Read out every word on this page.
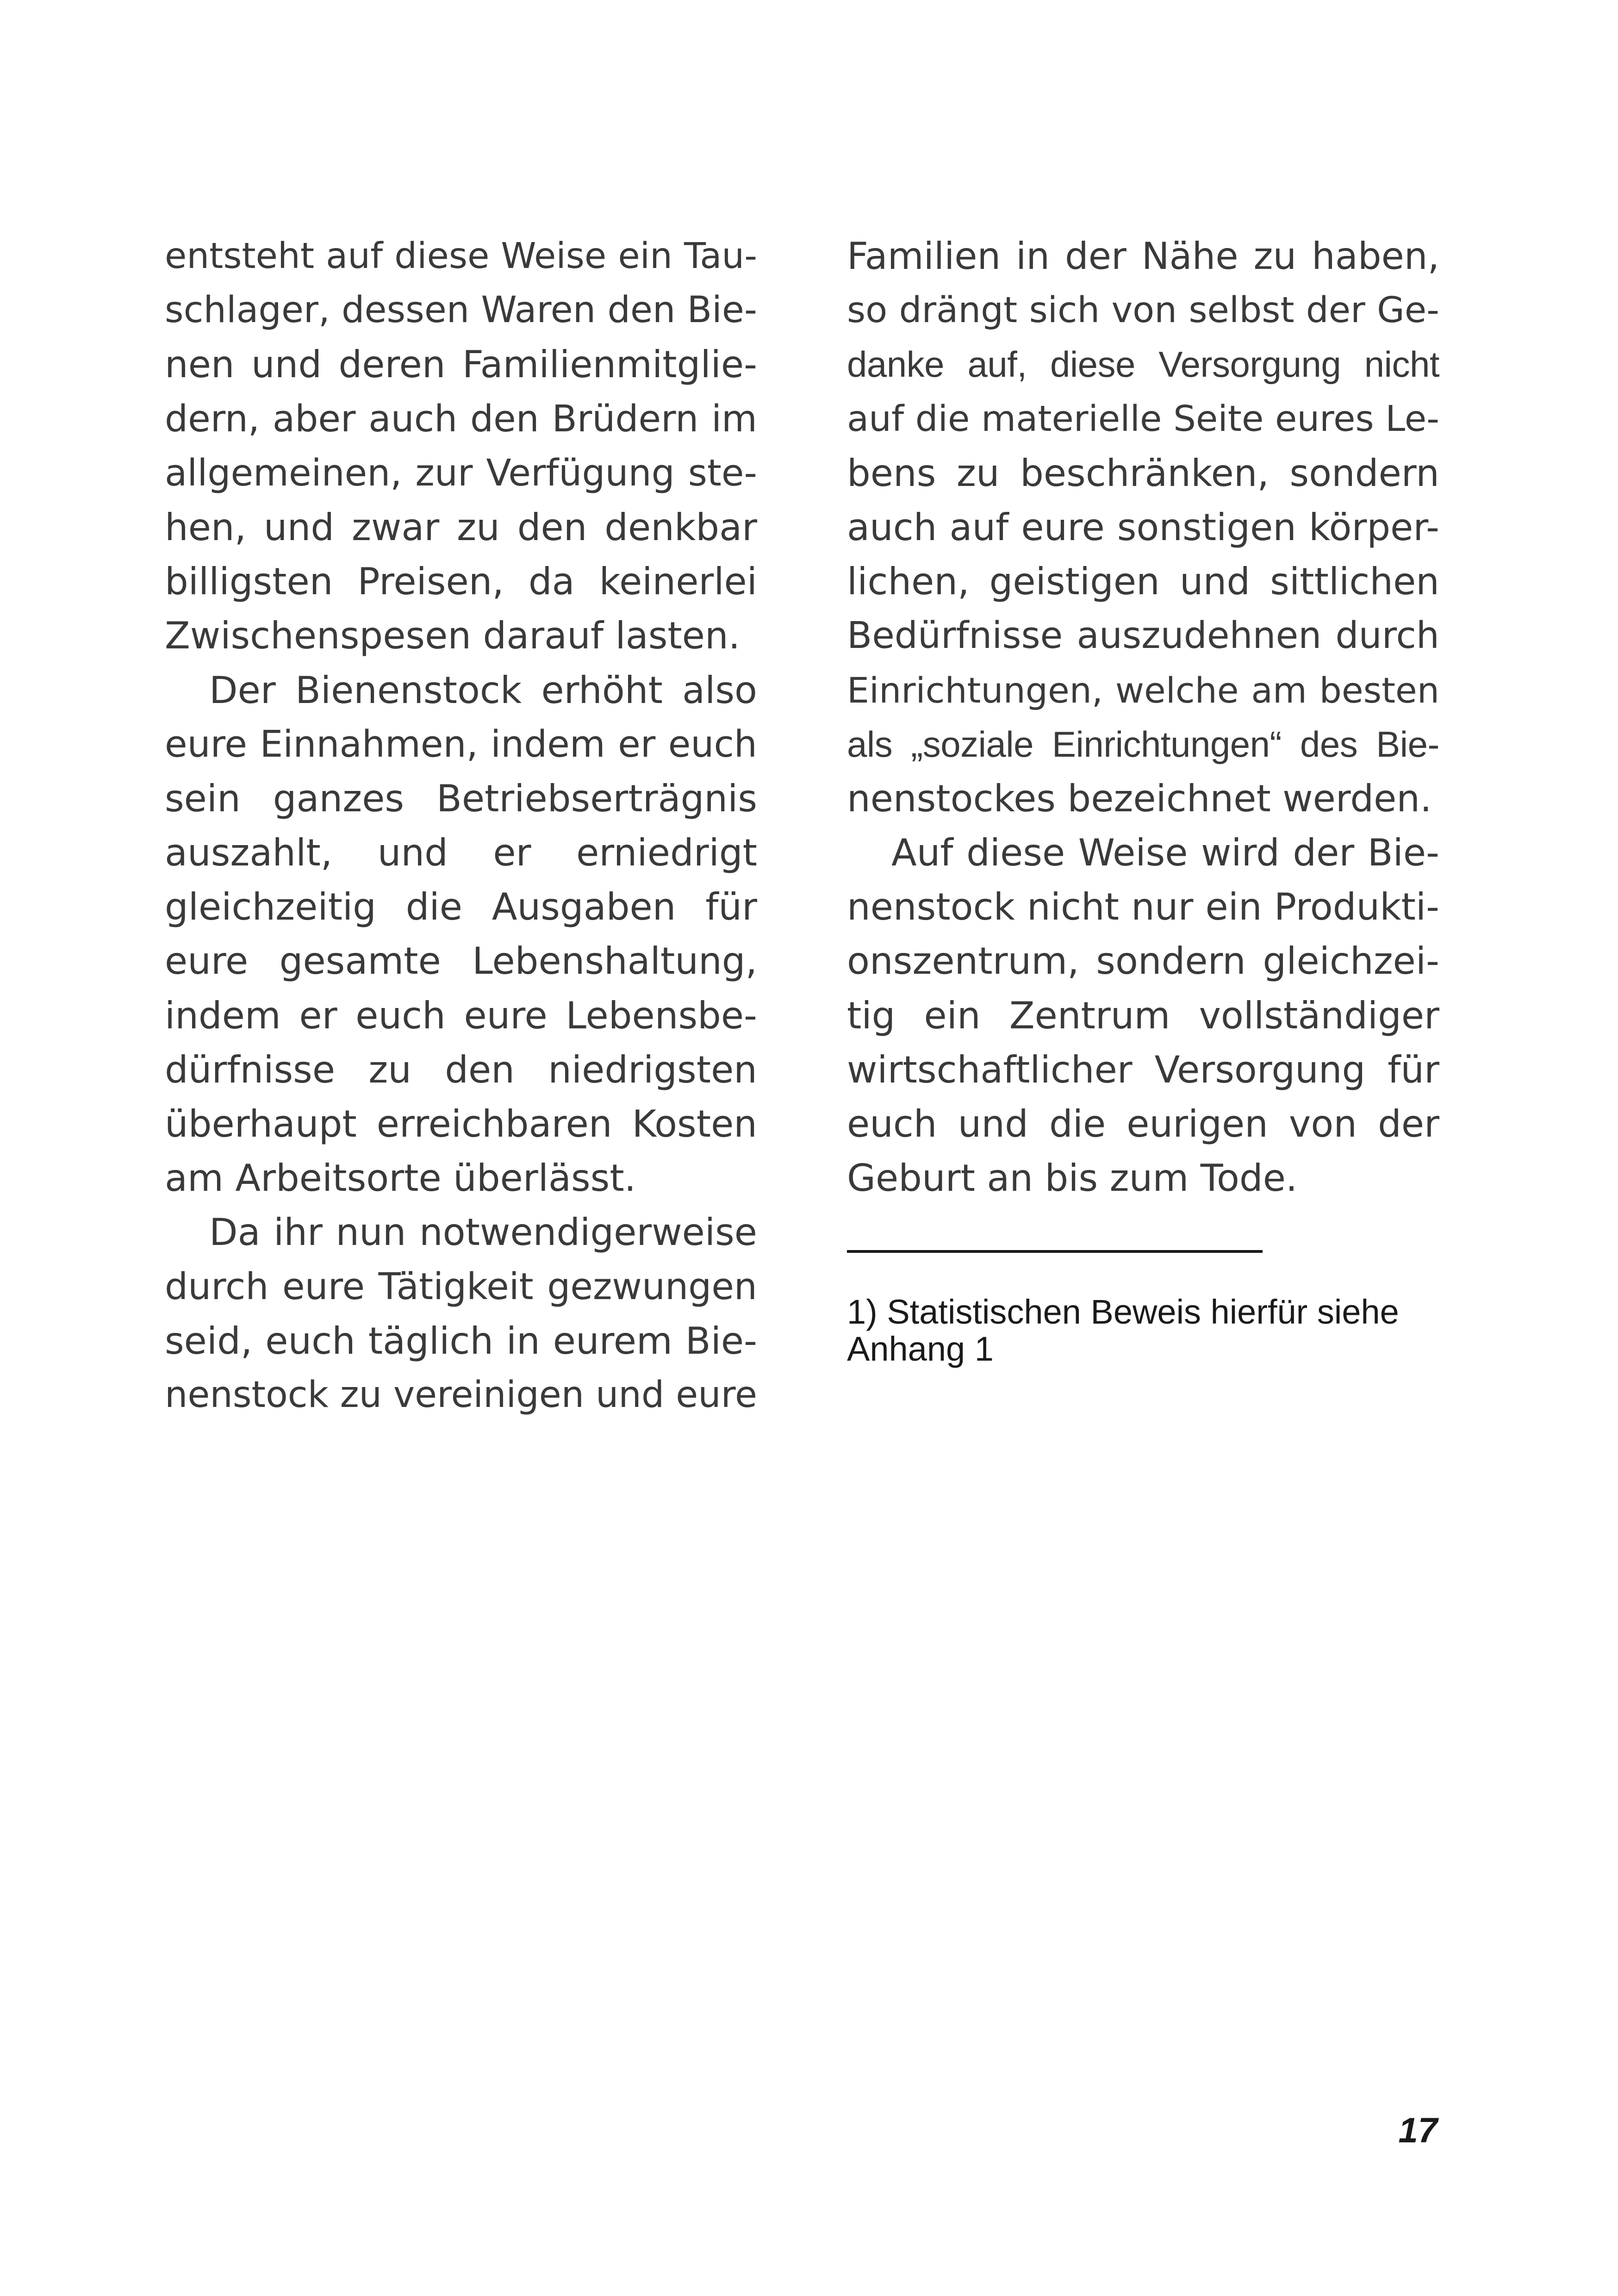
entsteht auf diese Weise ein Tau-
schlager, dessen Waren den Bie-
nen und deren Familienmitglie-
dern, aber auch den Brüdern im
allgemeinen, zur Verfügung ste-
hen, und zwar zu den denkbar
billigsten Preisen, da keinerlei
Zwischenspesen darauf lasten.
Der Bienenstock erhöht also
eure Einnahmen, indem er euch
sein ganzes Betriebserträgnis
auszahlt, und er erniedrigt
gleichzeitig die Ausgaben für
eure gesamte Lebenshaltung,
indem er euch eure Lebensbe-
dürfnisse zu den niedrigsten
überhaupt erreichbaren Kosten
am Arbeitsorte überlässt.
Da ihr nun notwendigerweise
durch eure Tätigkeit gezwungen
seid, euch täglich in eurem Bie-
nenstock zu vereinigen und eure
Familien in der Nähe zu haben,
so drängt sich von selbst der Ge-
danke auf, diese Versorgung nicht
auf die materielle Seite eures Le-
bens zu beschränken, sondern
auch auf eure sonstigen körper-
lichen, geistigen und sittlichen
Bedürfnisse auszudehnen durch
Einrichtungen, welche am besten
als „soziale Einrichtungen“ des Bie-
nenstockes bezeichnet werden.
Auf diese Weise wird der Bie-
nenstock nicht nur ein Produkti-
onszentrum, sondern gleichzei-
tig ein Zentrum vollständiger
wirtschaftlicher Versorgung für
euch und die eurigen von der
Geburt an bis zum Tode.
1) Statistischen Beweis hierfür siehe
Anhang 1
17
